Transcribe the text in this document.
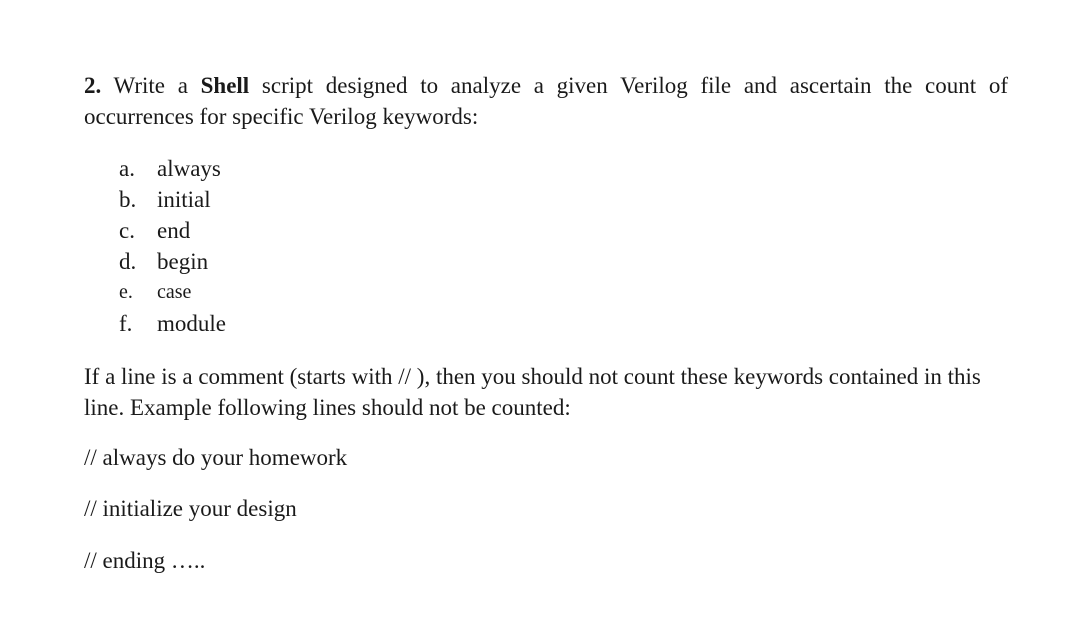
2. Write a Shell script designed to analyze a given Verilog file and ascertain the count of occurrences for specific Verilog keywords:

a. always
b. initial
c. end
d. begin
e.	case
f.	module

If a line is a comment (starts with // ), then you should not count these keywords contained in this line. Example following lines should not be counted:

// always do your homework

// initialize your design

// ending …..
